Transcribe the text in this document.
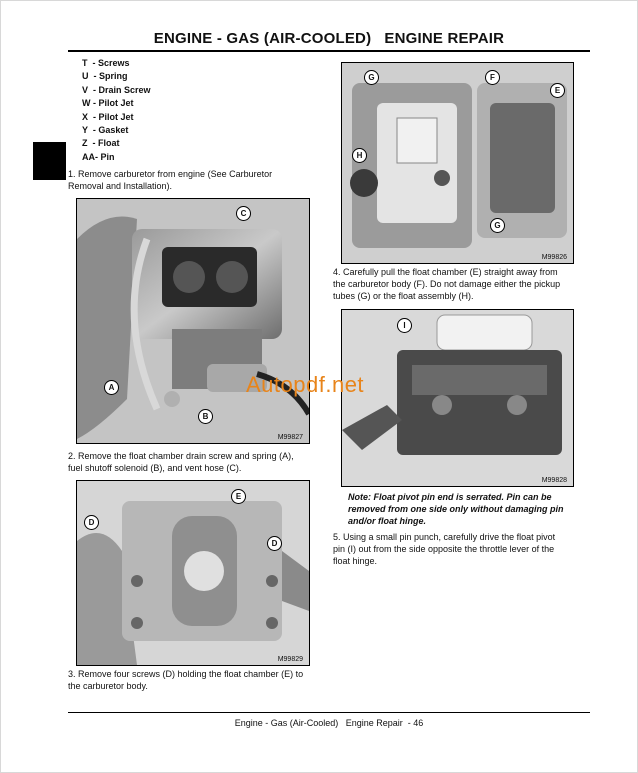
ENGINE - GAS (AIR-COOLED)   ENGINE REPAIR
T  - Screws
U  - Spring
V  - Drain Screw
W - Pilot Jet
X  - Pilot Jet
Y  - Gasket
Z  - Float
AA- Pin
1. Remove carburetor from engine (See Carburetor
Removal and Installation).
C
A
B
M99827
2. Remove the float chamber drain screw and spring (A),
fuel shutoff solenoid (B), and vent hose (C).
E
D
D
M99829
3. Remove four screws (D) holding the float chamber (E) to
the carburetor body.
G	F
E
H
G
M99826
4. Carefully pull the float chamber (E) straight away from
the carburetor body (F). Do not damage either the pickup
tubes (G) or the float assembly (H).
I
M99828
Note: Float pivot pin end is serrated. Pin can be
removed from one side only without damaging pin
and/or float hinge.
5. Using a small pin punch, carefully drive the float pivot
pin (I) out from the side opposite the throttle lever of the
float hinge.
Autopdf.net
Engine - Gas (Air-Cooled)   Engine Repair  - 46
